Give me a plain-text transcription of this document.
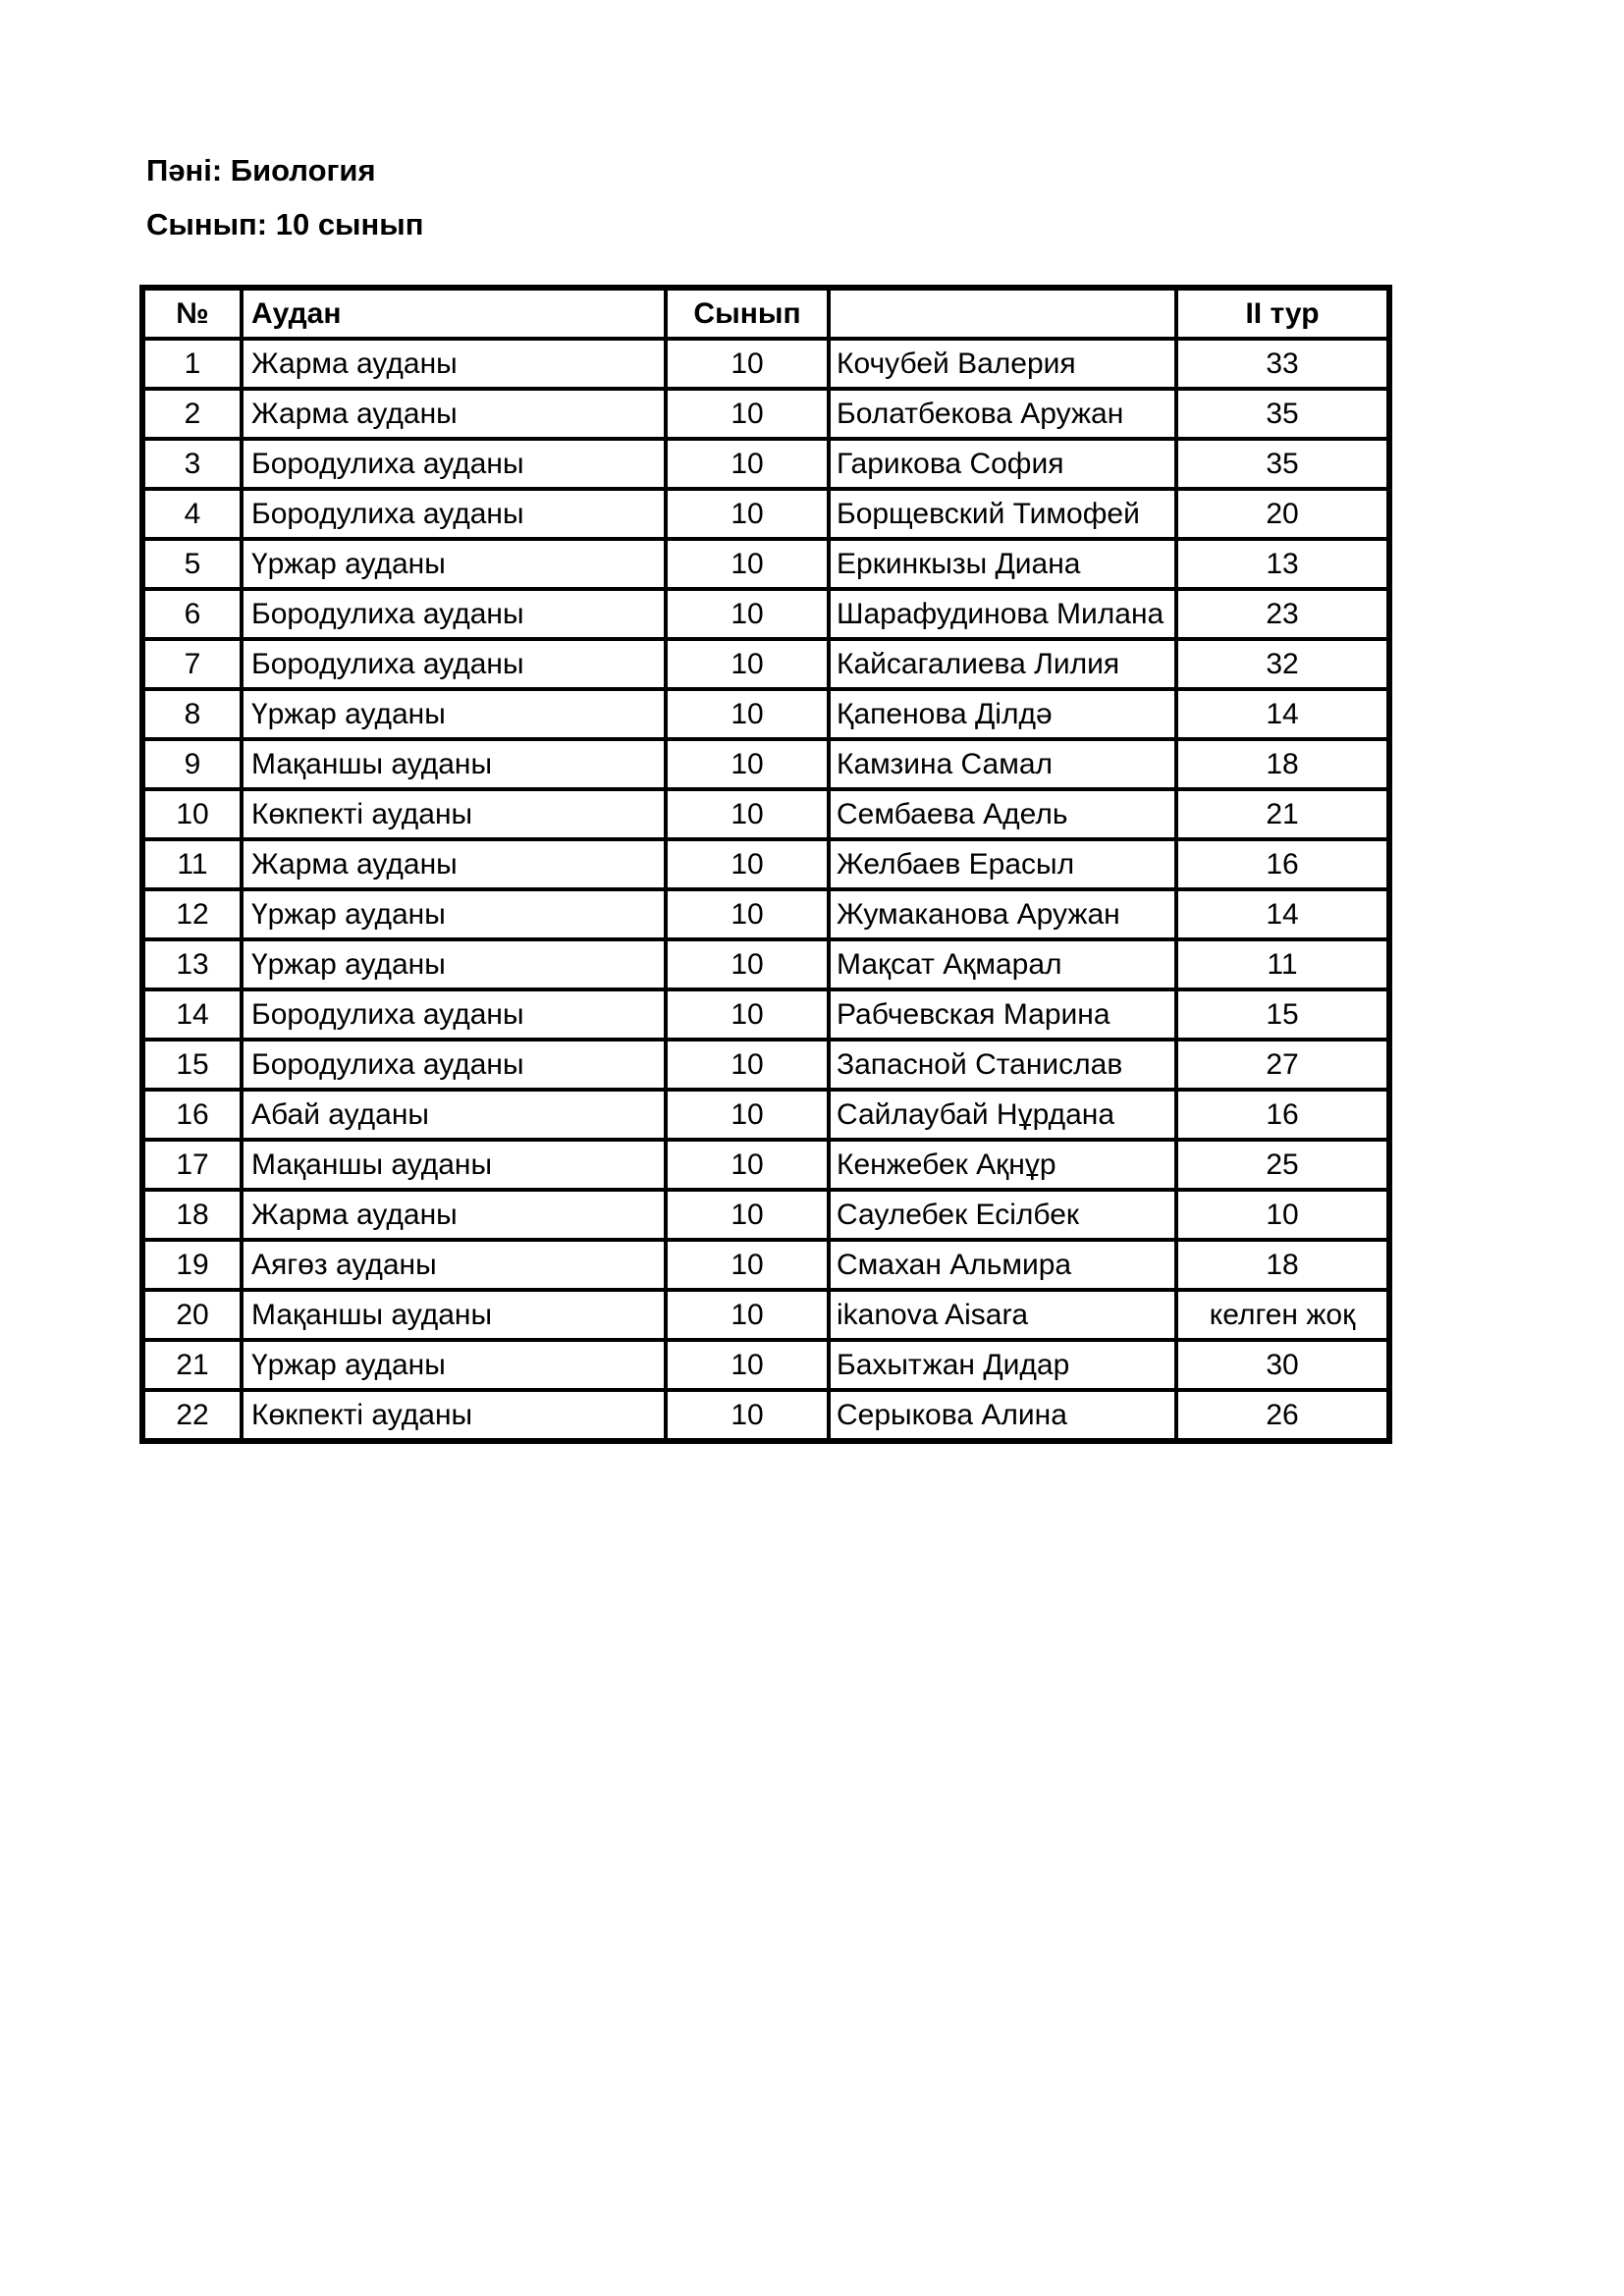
Пәні: Биология
Сынып: 10 сынып
№	Аудан	Сынып		II тур
1	Жарма ауданы	10	Кочубей Валерия	33
2	Жарма ауданы	10	Болатбекова Аружан	35
3	Бородулиха ауданы	10	Гарикова София	35
4	Бородулиха ауданы	10	Борщевский Тимофей	20
5	Үржар ауданы	10	Еркинкызы Диана	13
6	Бородулиха ауданы	10	Шарафудинова Милана	23
7	Бородулиха ауданы	10	Кайсагалиева Лилия	32
8	Үржар ауданы	10	Қапенова Ділдә	14
9	Мақаншы ауданы	10	Камзина Самал	18
10	Көкпекті ауданы	10	Сембаева Адель	21
11	Жарма ауданы	10	Желбаев Ерасыл	16
12	Үржар ауданы	10	Жумаканова Аружан	14
13	Үржар ауданы	10	Мақсат Ақмарал	11
14	Бородулиха ауданы	10	Рабчевская Марина	15
15	Бородулиха ауданы	10	Запасной Станислав	27
16	Абай ауданы	10	Сайлаубай Нұрдана	16
17	Мақаншы ауданы	10	Кенжебек Ақнұр	25
18	Жарма ауданы	10	Саулебек Есілбек	10
19	Аягөз ауданы	10	Смахан Альмира	18
20	Мақаншы ауданы	10	ikanova Aisara	келген жоқ
21	Үржар ауданы	10	Бахытжан Дидар	30
22	Көкпекті ауданы	10	Серыкова Алина	26
